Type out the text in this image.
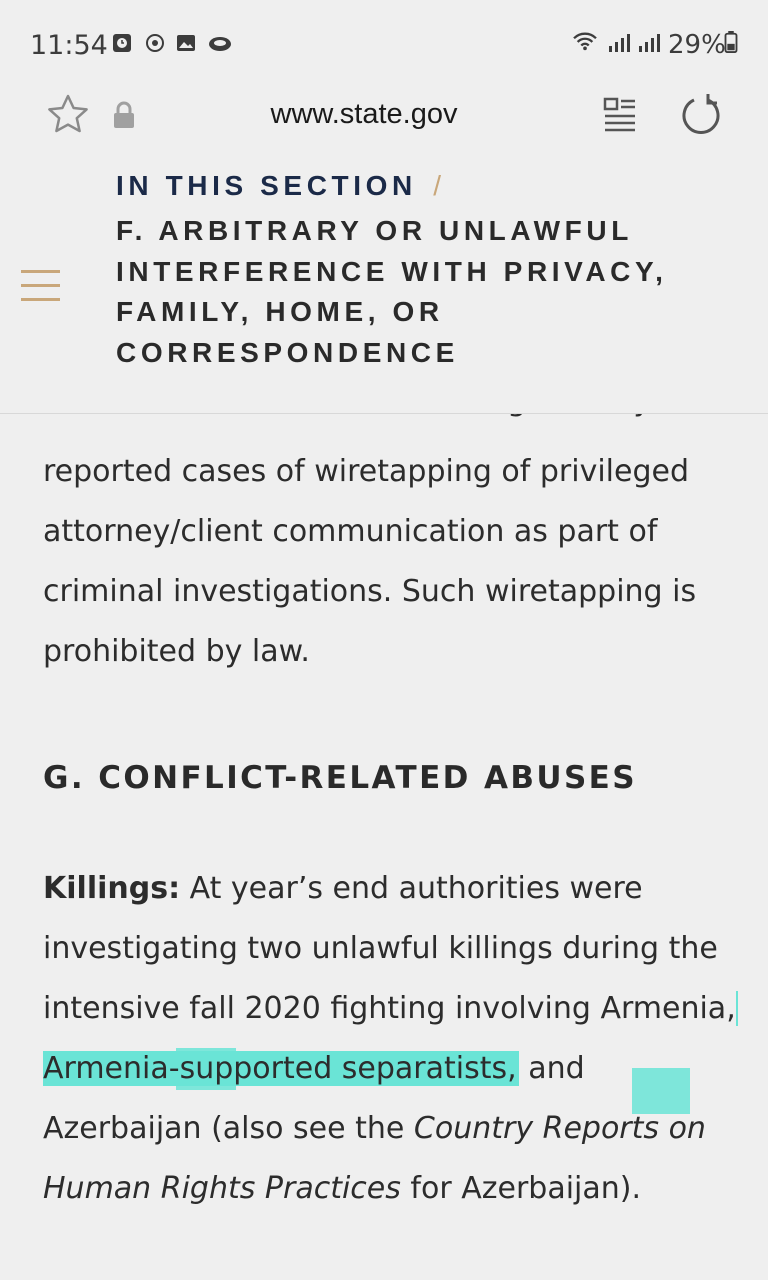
11:54	29%
www.state.gov
IN THIS SECTION /
F. ARBITRARY OR UNLAWFUL INTERFERENCE WITH PRIVACY, FAMILY, HOME, OR CORRESPONDENCE
reported cases of wiretapping of privileged attorney/client communication as part of criminal investigations. Such wiretapping is prohibited by law.
G. CONFLICT-RELATED ABUSES
Killings: At year’s end authorities were investigating two unlawful killings during the intensive fall 2020 fighting involving Armenia, Armenia-supported separatists, and Azerbaijan (also see the Country Reports on Human Rights Practices for Azerbaijan).
